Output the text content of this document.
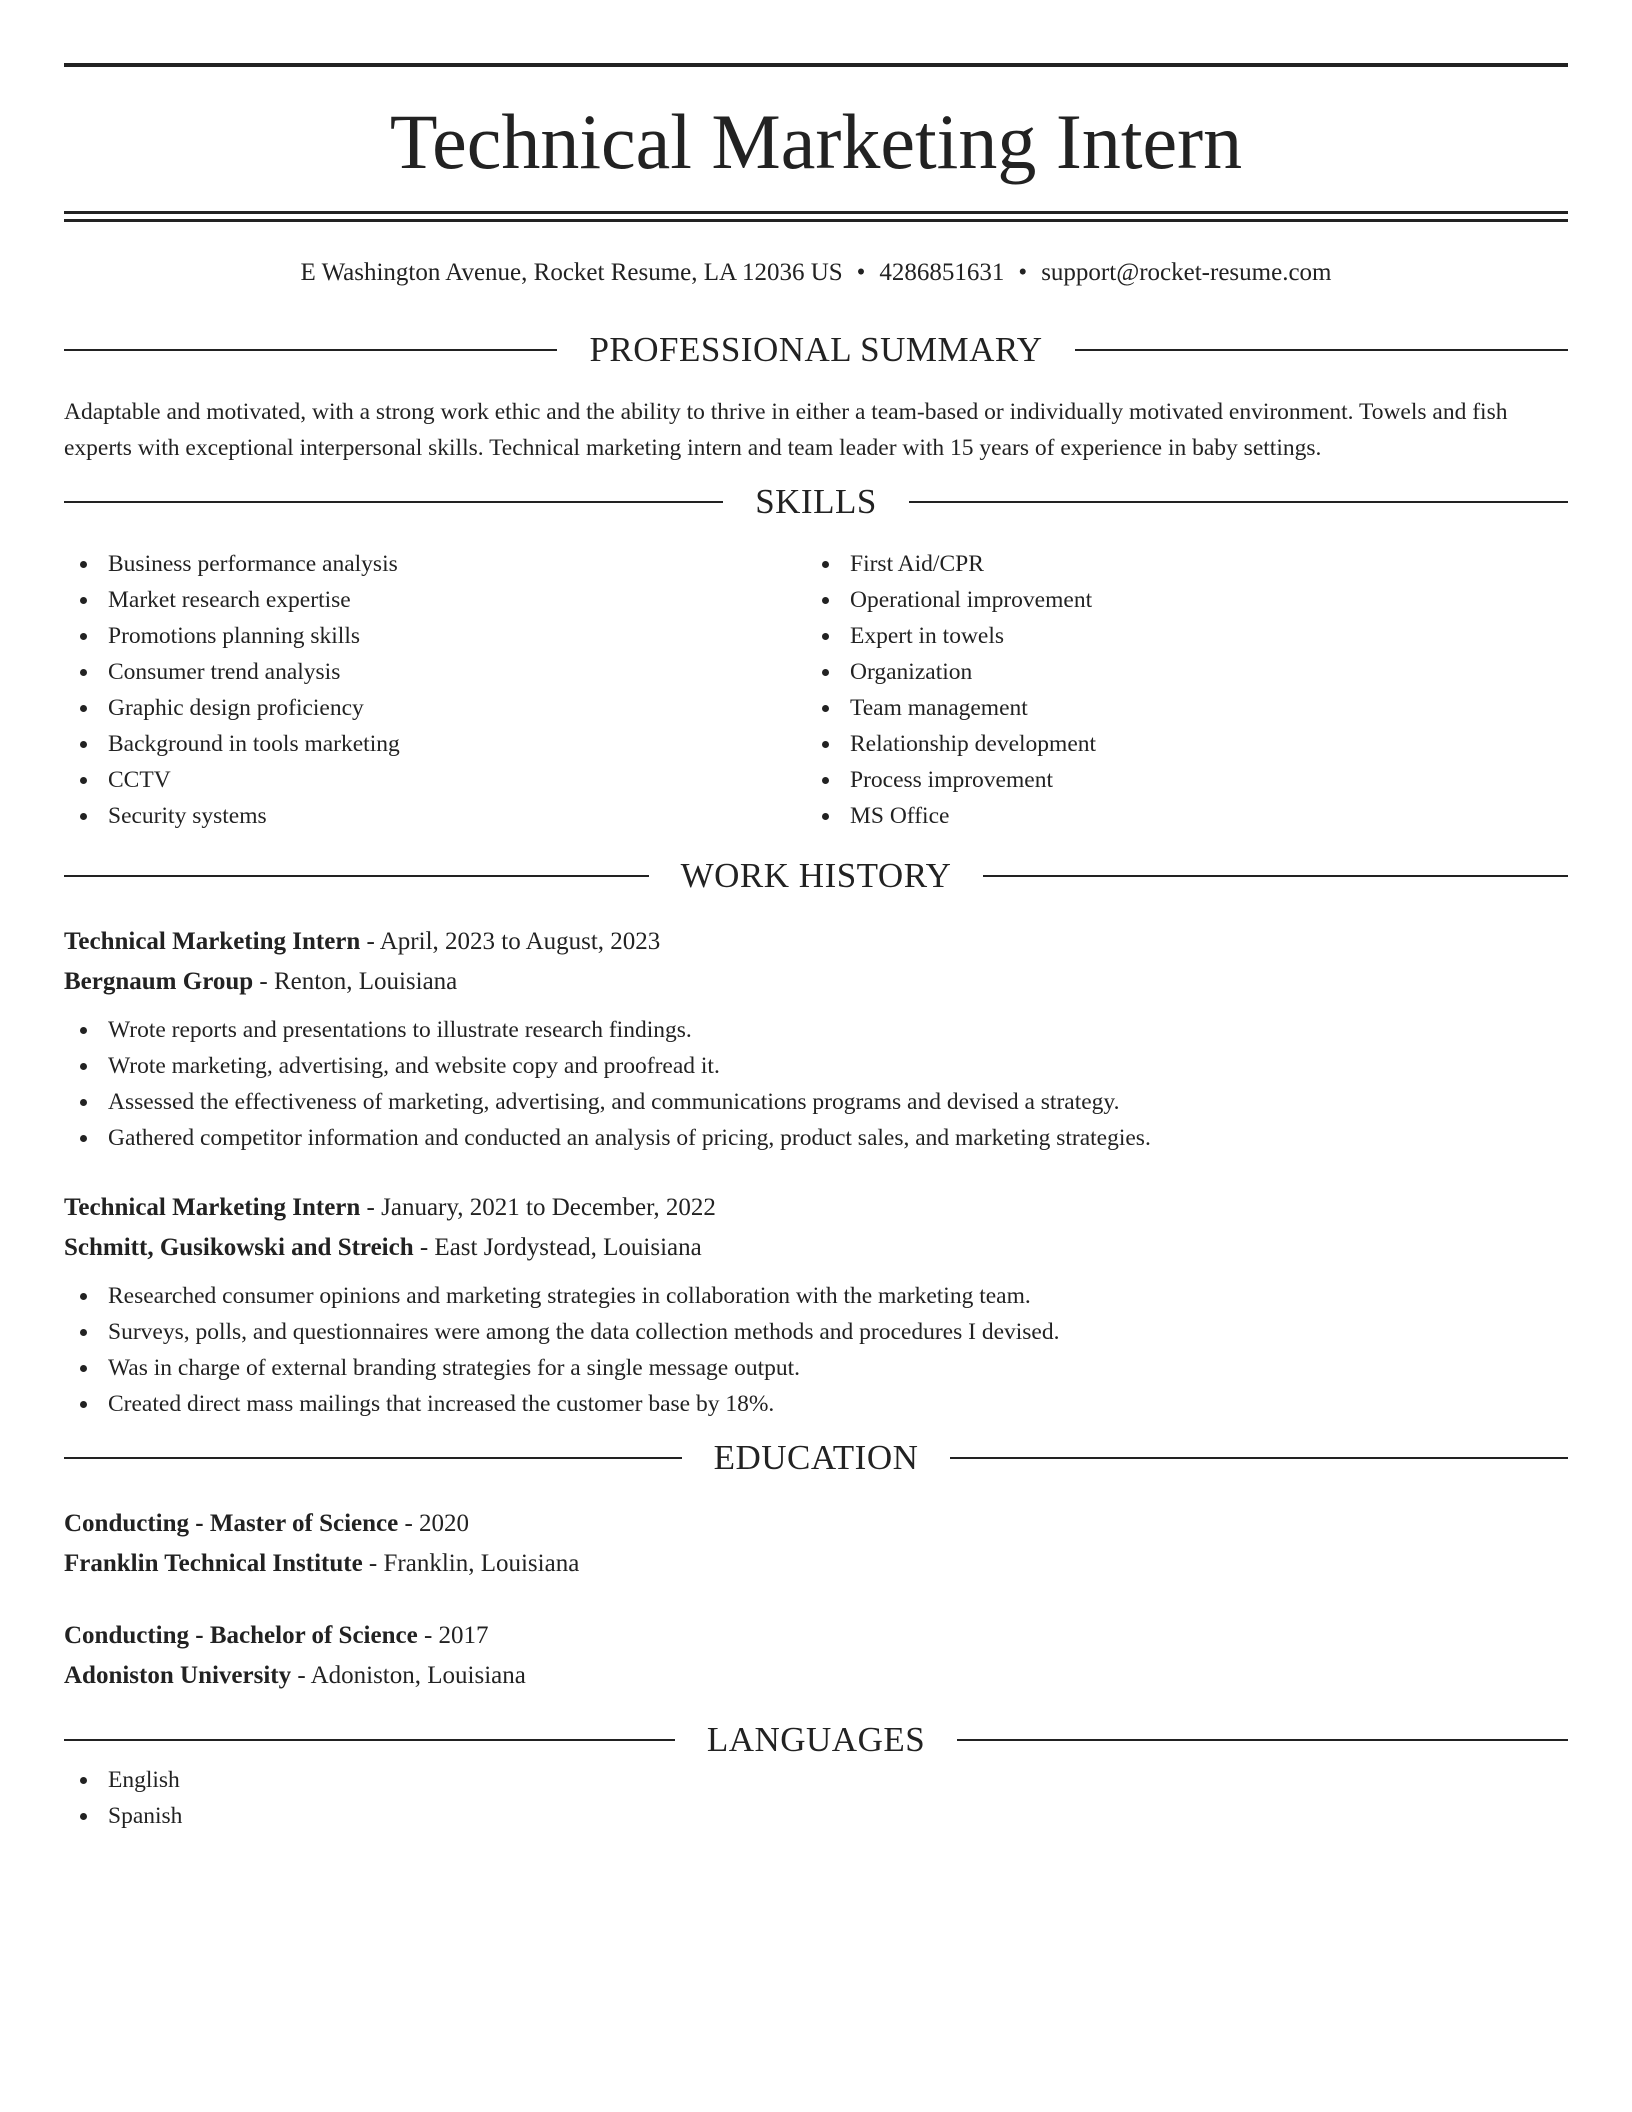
Technical Marketing Intern
E Washington Avenue, Rocket Resume, LA 12036 US • 4286851631 • support@rocket-resume.com
PROFESSIONAL SUMMARY

Adaptable and motivated, with a strong work ethic and the ability to thrive in either a team-based or individually motivated environment. Towels and fish experts with exceptional interpersonal skills. Technical marketing intern and team leader with 15 years of experience in baby settings.

SKILLS
Business performance analysis
Market research expertise
Promotions planning skills
Consumer trend analysis
Graphic design proficiency
Background in tools marketing
CCTV
Security systems
First Aid/CPR
Operational improvement
Expert in towels
Organization
Team management
Relationship development
Process improvement
MS Office
WORK HISTORY
Technical Marketing Intern - April, 2023 to August, 2023
Bergnaum Group - Renton, Louisiana
Wrote reports and presentations to illustrate research findings.
Wrote marketing, advertising, and website copy and proofread it.
Assessed the effectiveness of marketing, advertising, and communications programs and devised a strategy.
Gathered competitor information and conducted an analysis of pricing, product sales, and marketing strategies.
Technical Marketing Intern - January, 2021 to December, 2022
Schmitt, Gusikowski and Streich - East Jordystead, Louisiana
Researched consumer opinions and marketing strategies in collaboration with the marketing team.
Surveys, polls, and questionnaires were among the data collection methods and procedures I devised.
Was in charge of external branding strategies for a single message output.
Created direct mass mailings that increased the customer base by 18%.
EDUCATION
Conducting - Master of Science - 2020
Franklin Technical Institute - Franklin, Louisiana
Conducting - Bachelor of Science - 2017
Adoniston University - Adoniston, Louisiana
LANGUAGES
English
Spanish
